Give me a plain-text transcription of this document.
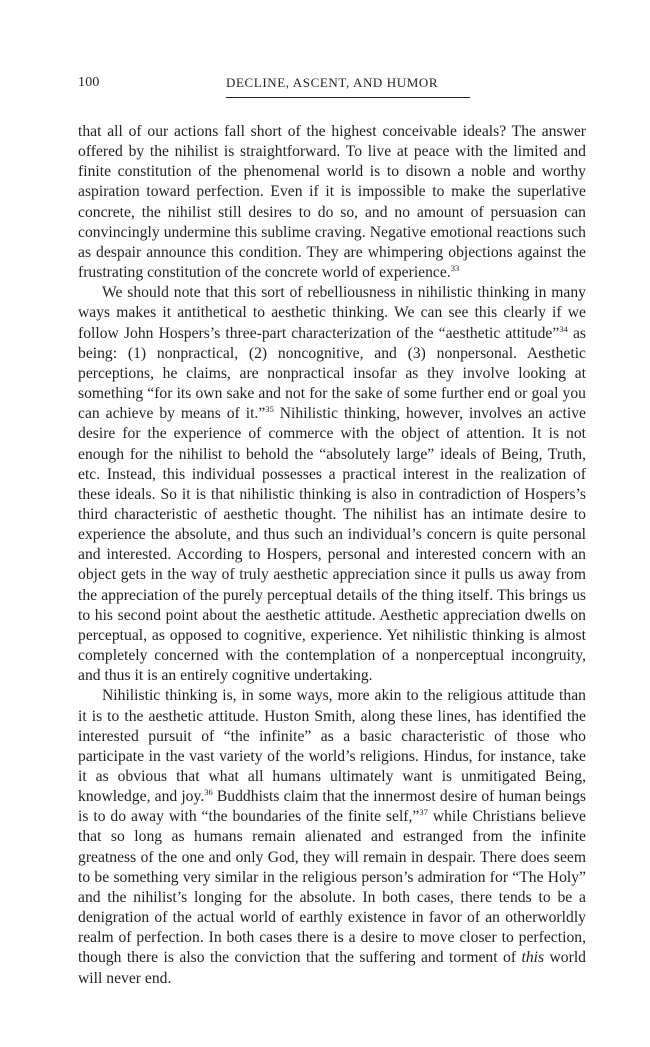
100	DECLINE, ASCENT, AND HUMOR

that all of our actions fall short of the highest conceivable ideals? The answer offered by the nihilist is straightforward. To live at peace with the limited and finite constitution of the phenomenal world is to disown a noble and worthy aspiration toward perfection. Even if it is impossible to make the superlative concrete, the nihilist still desires to do so, and no amount of persuasion can convincingly undermine this sublime craving. Negative emotional reactions such as despair announce this condition. They are whimpering objections against the frustrating constitution of the concrete world of experience.$^{33}$

We should note that this sort of rebelliousness in nihilistic thinking in many ways makes it antithetical to aesthetic thinking. We can see this clearly if we follow John Hospers’s three-part characterization of the “aesthetic attitude”$^{34}$ as being: (1) nonpractical, (2) noncognitive, and (3) nonpersonal. Aesthetic perceptions, he claims, are nonpractical insofar as they involve looking at something “for its own sake and not for the sake of some further end or goal you can achieve by means of it.”$^{35}$ Nihilistic thinking, however, involves an active desire for the experience of commerce with the object of attention. It is not enough for the nihilist to behold the “absolutely large” ideals of Being, Truth, etc. Instead, this individual possesses a practical interest in the realization of these ideals. So it is that nihilistic thinking is also in contradiction of Hospers’s third characteristic of aesthetic thought. The nihilist has an intimate desire to experience the absolute, and thus such an individual’s concern is quite personal and interested. According to Hospers, personal and interested concern with an object gets in the way of truly aesthetic appreciation since it pulls us away from the appreciation of the purely perceptual details of the thing itself. This brings us to his second point about the aesthetic attitude. Aesthetic appreciation dwells on perceptual, as opposed to cognitive, experience. Yet nihilistic thinking is almost completely concerned with the contemplation of a nonperceptual incongruity, and thus it is an entirely cognitive undertaking.

Nihilistic thinking is, in some ways, more akin to the religious attitude than it is to the aesthetic attitude. Huston Smith, along these lines, has identified the interested pursuit of “the infinite” as a basic characteristic of those who participate in the vast variety of the world’s religions. Hindus, for instance, take it as obvious that what all humans ultimately want is unmitigated Being, knowledge, and joy.$^{36}$ Buddhists claim that the innermost desire of human beings is to do away with “the boundaries of the finite self,”$^{37}$ while Christians believe that so long as humans remain alienated and estranged from the infinite greatness of the one and only God, they will remain in despair. There does seem to be something very similar in the religious person’s admiration for “The Holy” and the nihilist’s longing for the absolute. In both cases, there tends to be a denigration of the actual world of earthly existence in favor of an otherworldly realm of perfection. In both cases there is a desire to move closer to perfection, though there is also the conviction that the suffering and torment of this world will never end.
